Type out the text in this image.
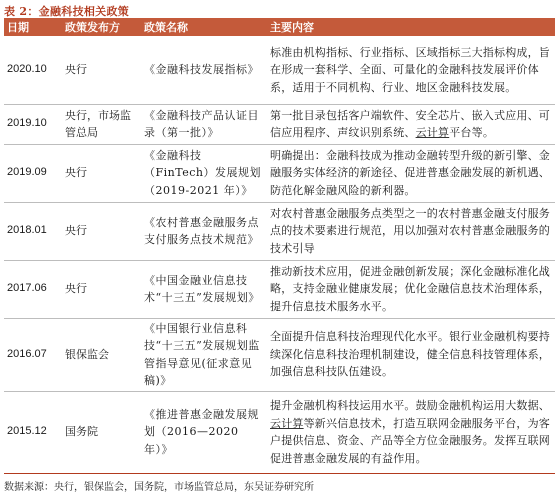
表 2：金融科技相关政策
日期	政策发布方	政策名称	主要内容
2020.10	央行	《金融科技发展指标》	标准由机构指标、行业指标、区域指标三大指标构成，旨在形成一套科学、全面、可量化的金融科技发展评价体系，适用于不同机构、行业、地区金融科技发展。
2019.10	央行，市场监管总局	《金融科技产品认证目录（第一批）》	第一批目录包括客户端软件、安全芯片、嵌入式应用、可信应用程序、声纹识别系统、云计算平台等。
2019.09	央行	《金融科技（FinTech）发展规划（2019-2021 年）》	明确提出：金融科技成为推动金融转型升级的新引擎、金融服务实体经济的新途径、促进普惠金融发展的新机遇、防范化解金融风险的新利器。
2018.01	央行	《农村普惠金融服务点支付服务点技术规范》	对农村普惠金融服务点类型之一的农村普惠金融支付服务点的技术要素进行规范，用以加强对农村普惠金融服务的技术引导
2017.06	央行	《中国金融业信息技术“十三五”发展规划》	推动新技术应用，促进金融创新发展；深化金融标准化战略，支持金融业健康发展；优化金融信息技术治理体系，提升信息技术服务水平。
2016.07	银保监会	《中国银行业信息科技“十三五”发展规划监管指导意见(征求意见稿)》	全面提升信息科技治理现代化水平。银行业金融机构要持续深化信息科技治理机制建设，健全信息科技管理体系，加强信息科技队伍建设。
2015.12	国务院	《推进普惠金融发展规划（2016—2020 年）》	提升金融机构科技运用水平。鼓励金融机构运用大数据、云计算等新兴信息技术，打造互联网金融服务平台，为客户提供信息、资金、产品等全方位金融服务。发挥互联网促进普惠金融发展的有益作用。
数据来源：央行，银保监会，国务院，市场监管总局，东吴证券研究所
